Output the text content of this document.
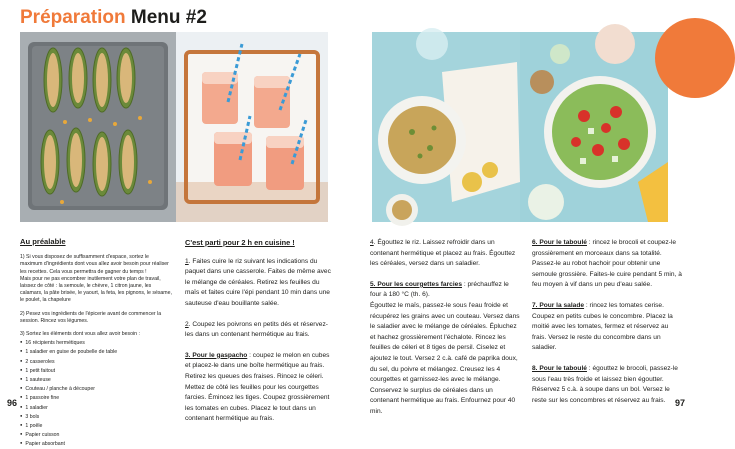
Préparation Menu #2
Au préalable
1) Si vous disposez de suffisamment d'espace, sortez le maximum d'ingrédients dont vous allez avoir besoin pour réaliser les recettes. Cela vous permettra de gagner du temps !
Mais pour ne pas encombrer inutilement votre plan de travail, laissez de côté : la semoule, le chèvre, 1 citron jaune, les calamars, la pâte brisée, le yaourt, la feta, les pignons, le sésame, le poulet, la chapelure
2) Pesez vos ingrédients de l'épicerie avant de commencer la session. Rincez vos légumes.
3) Sortez les éléments dont vous allez avoir besoin :
● 16 récipients hermétiques
● 1 saladier en guise de poubelle de table
● 2 casseroles
● 1 petit faitout
● 1 sauteuse
● Couteau / planche à découper
● 1 passoire fine
● 1 saladier
● 3 bols
● 1 poêle
● Papier cuisson
● Papier absorbant
C'est parti pour 2 h en cuisine !
1. Faites cuire le riz suivant les indications du paquet dans une casserole. Faites de même avec le mélange de céréales. Retirez les feuilles du maïs et faites cuire l'épi pendant 10 min dans une sauteuse d'eau bouillante salée.
2. Coupez les poivrons en petits dés et réservez-les dans un contenant hermétique au frais.
3. Pour le gaspacho : coupez le melon en cubes et placez-le dans une boîte hermétique au frais. Retirez les queues des fraises. Rincez le céleri. Mettez de côté les feuilles pour les courgettes farcies. Émincez les tiges. Coupez grossièrement les tomates en cubes. Placez le tout dans un contenant hermétique au frais.
4. Égouttez le riz. Laissez refroidir dans un contenant hermétique et placez au frais. Égouttez les céréales, versez dans un saladier.
5. Pour les courgettes farcies : préchauffez le four à 180 °C (th. 6).
Égouttez le maïs, passez-le sous l'eau froide et récupérez les grains avec un couteau. Versez dans le saladier avec le mélange de céréales. Épluchez et hachez grossièrement l'échalote. Rincez les feuilles de céleri et 8 tiges de persil. Ciselez et ajoutez le tout. Versez 2 c.à. café de paprika doux, du sel, du poivre et mélangez. Creusez les 4 courgettes et garnissez-les avec le mélange. Conservez le surplus de céréales dans un contenant hermétique au frais. Enfournez pour 40 min.
6. Pour le taboulé : rincez le brocoli et coupez-le grossièrement en morceaux dans sa totalité. Passez-le au robot hachoir pour obtenir une semoule grossière. Faites-le cuire pendant 5 min, à feu moyen à vif dans un peu d'eau salée.
7. Pour la salade : rincez les tomates cerise. Coupez en petits cubes le concombre. Placez la moitié avec les tomates, fermez et réservez au frais. Versez le reste du concombre dans un saladier.
8. Pour le taboulé : égouttez le brocoli, passez-le sous l'eau très froide et laissez bien égoutter. Réservez 5 c.à. à soupe dans un bol. Versez le reste sur les concombres et réservez au frais.
96	97
